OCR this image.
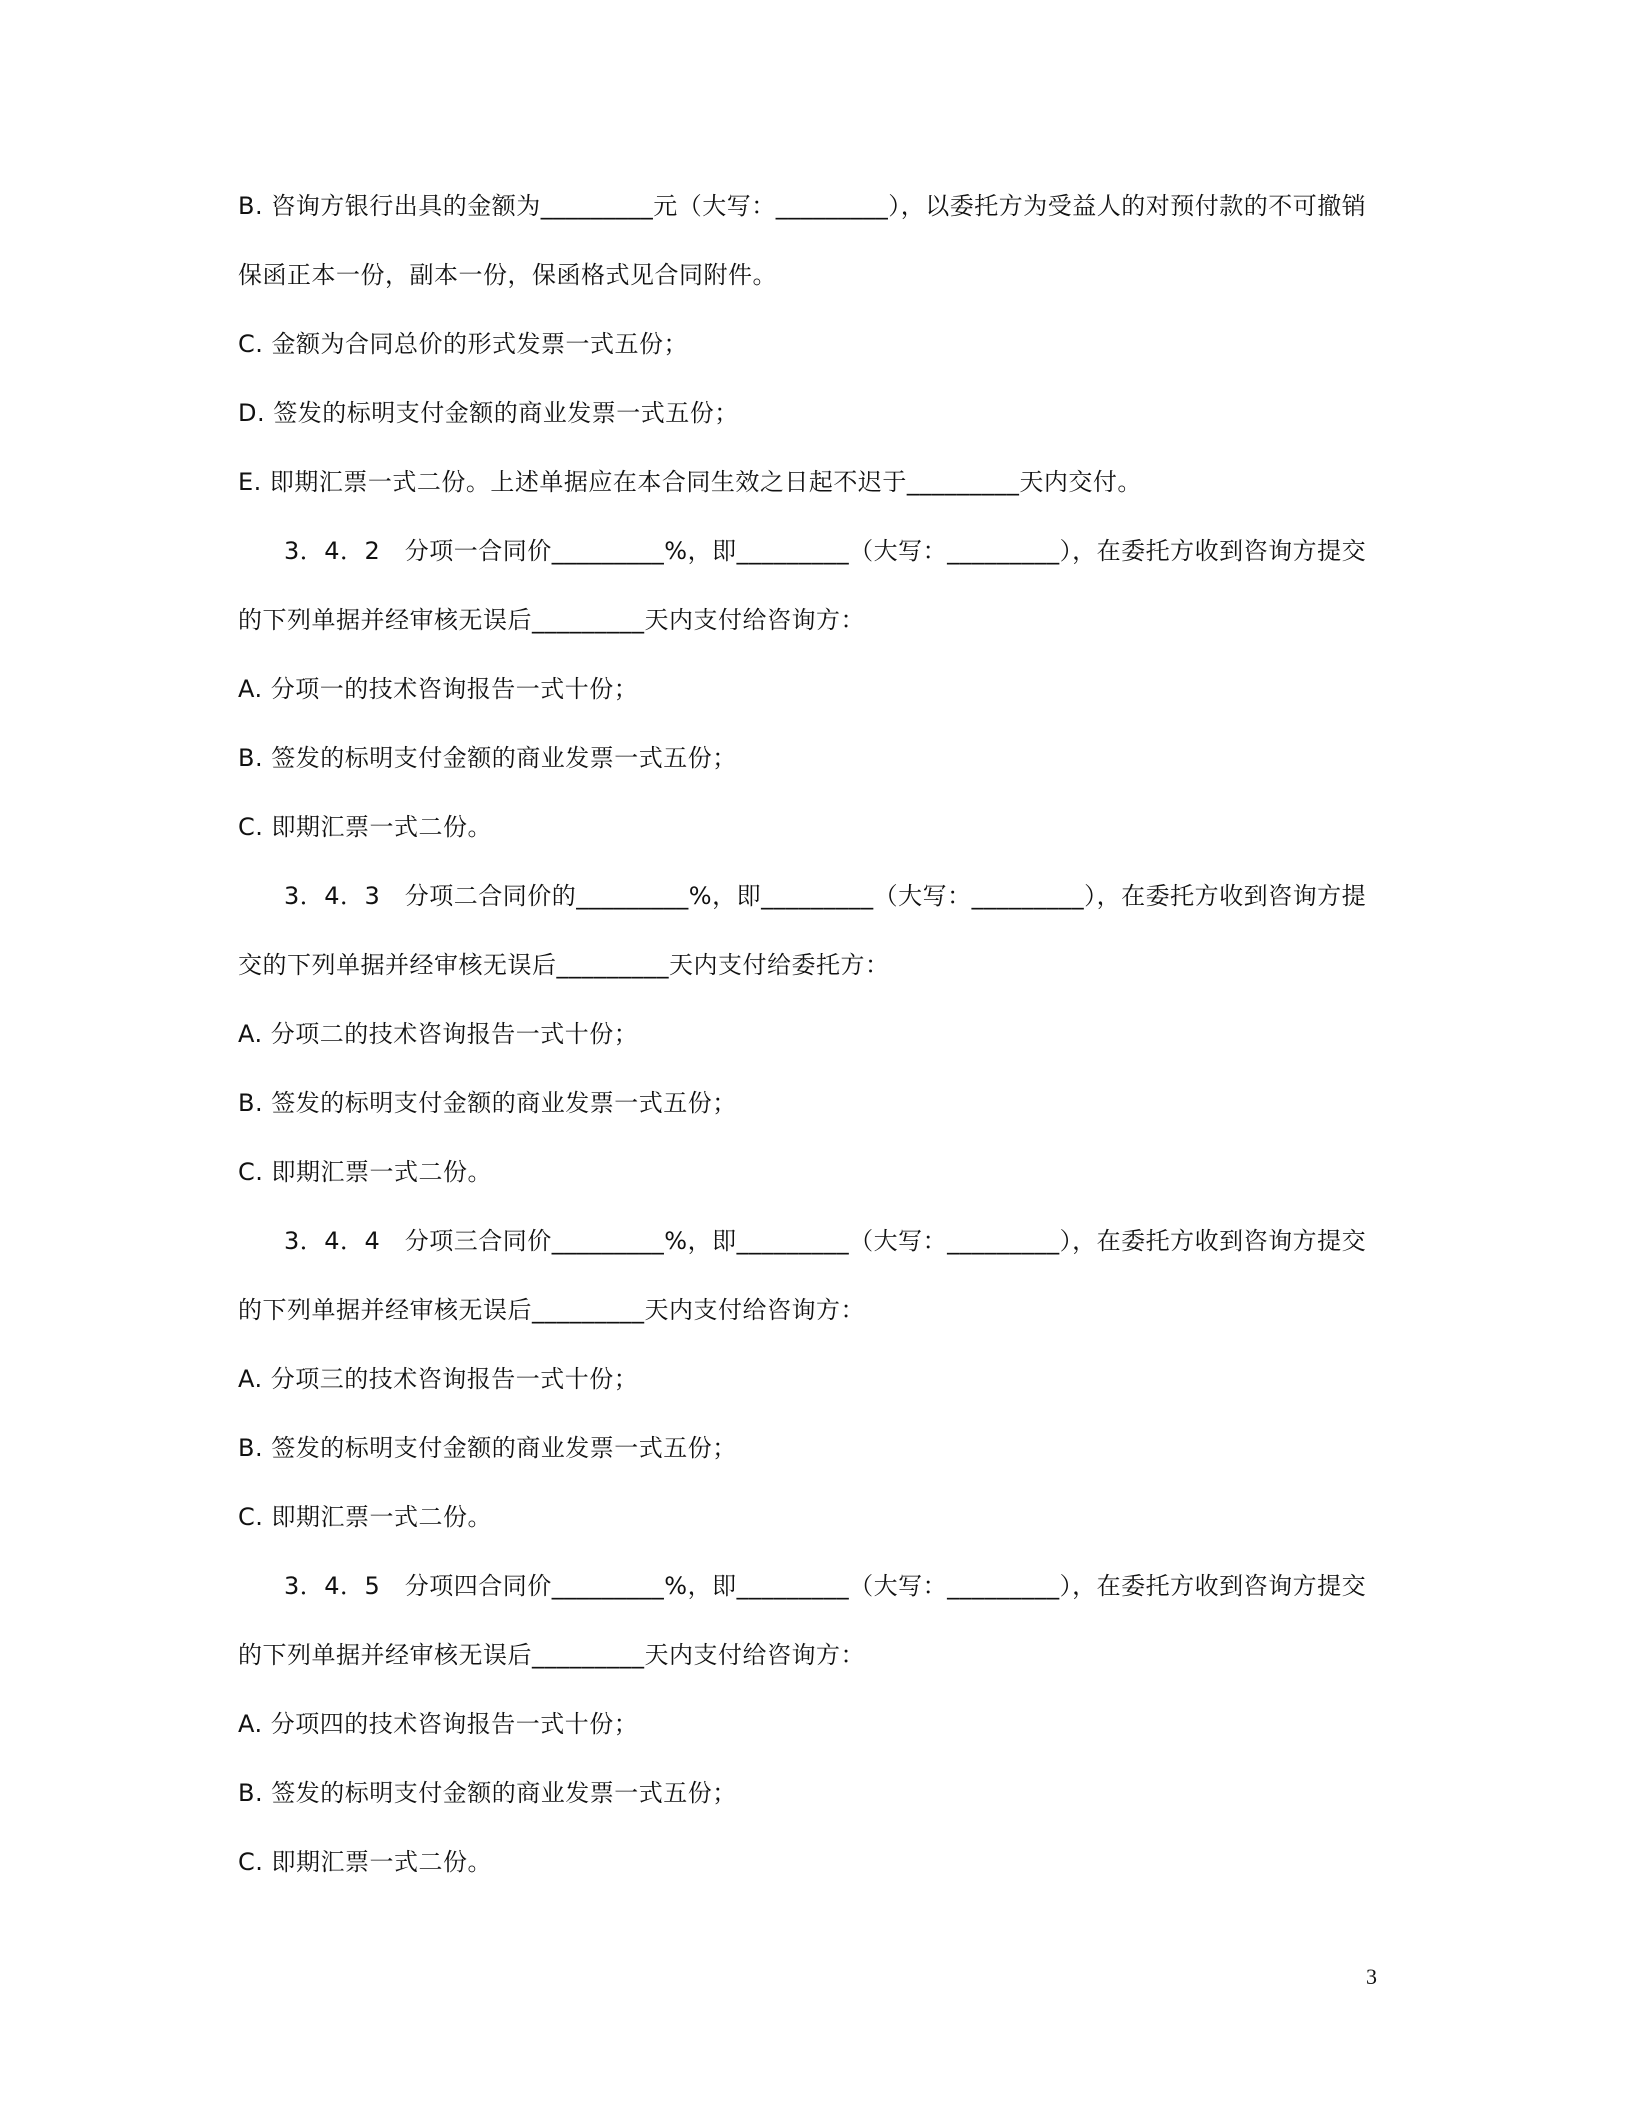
B. 咨询方银行出具的金额为_________元（大写：_________），以委托方为受益人的对预付款的不可撤销
保函正本一份，副本一份，保函格式见合同附件。
C. 金额为合同总价的形式发票一式五份；
D. 签发的标明支付金额的商业发票一式五份；
E. 即期汇票一式二份。上述单据应在本合同生效之日起不迟于_________天内交付。
3．4．2　分项一合同价_________%，即_________（大写：_________），在委托方收到咨询方提交
的下列单据并经审核无误后_________天内支付给咨询方：
A. 分项一的技术咨询报告一式十份；
B. 签发的标明支付金额的商业发票一式五份；
C. 即期汇票一式二份。
3．4．3　分项二合同价的_________%，即_________（大写：_________），在委托方收到咨询方提
交的下列单据并经审核无误后_________天内支付给委托方：
A. 分项二的技术咨询报告一式十份；
B. 签发的标明支付金额的商业发票一式五份；
C. 即期汇票一式二份。
3．4．4　分项三合同价_________%，即_________（大写：_________），在委托方收到咨询方提交
的下列单据并经审核无误后_________天内支付给咨询方：
A. 分项三的技术咨询报告一式十份；
B. 签发的标明支付金额的商业发票一式五份；
C. 即期汇票一式二份。
3．4．5　分项四合同价_________%，即_________（大写：_________），在委托方收到咨询方提交
的下列单据并经审核无误后_________天内支付给咨询方：
A. 分项四的技术咨询报告一式十份；
B. 签发的标明支付金额的商业发票一式五份；
C. 即期汇票一式二份。
3
